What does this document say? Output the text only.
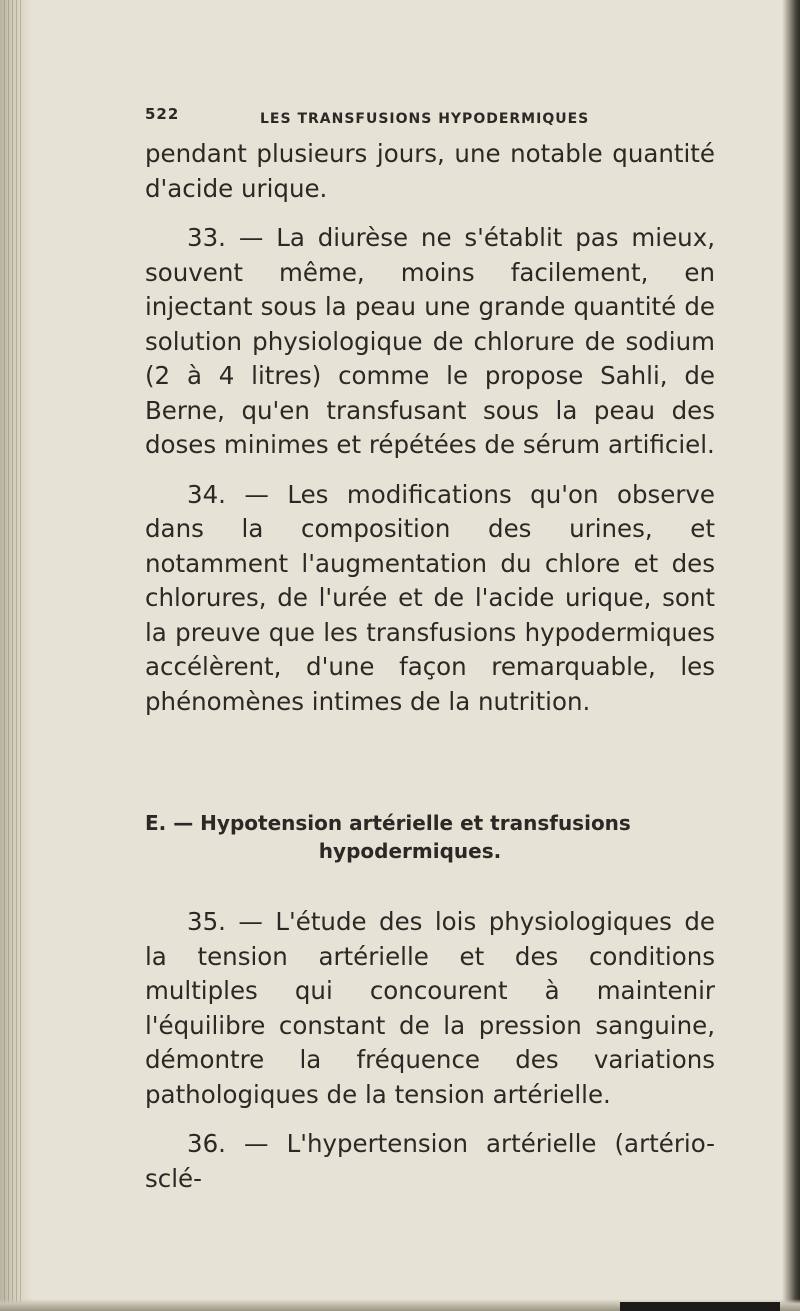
522	LES TRANSFUSIONS HYPODERMIQUES

pendant plusieurs jours, une notable quantité d'acide urique.

33. — La diurèse ne s'établit pas mieux, souvent même, moins facilement, en injectant sous la peau une grande quantité de solution physiologique de chlorure de sodium (2 à 4 litres) comme le propose Sahli, de Berne, qu'en transfusant sous la peau des doses minimes et répétées de sérum artificiel.

34. — Les modifications qu'on observe dans la composition des urines, et notamment l'augmentation du chlore et des chlorures, de l'urée et de l'acide urique, sont la preuve que les transfusions hypodermiques accélèrent, d'une façon remarquable, les phénomènes intimes de la nutrition.

E. — Hypotension artérielle et transfusions
hypodermiques.

35. — L'étude des lois physiologiques de la tension artérielle et des conditions multiples qui concourent à maintenir l'équilibre constant de la pression sanguine, démontre la fréquence des variations pathologiques de la tension artérielle.

36. — L'hypertension artérielle (artério-sclé-
